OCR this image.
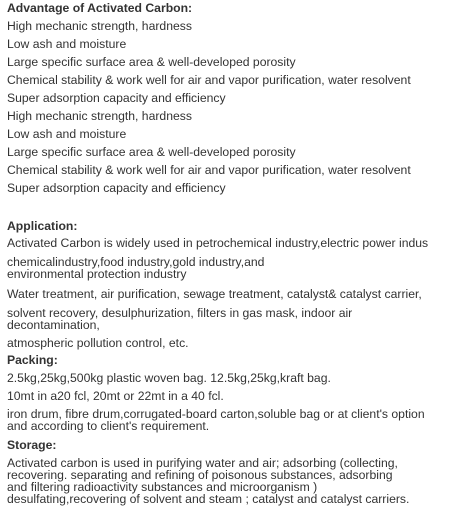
Advantage of Activated Carbon:
High mechanic strength, hardness
Low ash and moisture
Large specific surface area & well-developed porosity
Chemical stability & work well for air and vapor purification, water resolvent
Super adsorption capacity and efficiency
High mechanic strength, hardness
Low ash and moisture
Large specific surface area & well-developed porosity
Chemical stability & work well for air and vapor purification, water resolvent
Super adsorption capacity and efficiency
Application:
Activated Carbon is widely used in petrochemical industry,electric power indus
chemicalindustry,food industry,gold industry,and
environmental protection industry
Water treatment, air purification, sewage treatment, catalyst& catalyst carrier,
solvent recovery, desulphurization, filters in gas mask, indoor air
decontamination,
atmospheric pollution control, etc.
Packing:
2.5kg,25kg,500kg plastic woven bag. 12.5kg,25kg,kraft bag.
10mt in a20 fcl, 20mt or 22mt in a 40 fcl.
iron drum, fibre drum,corrugated-board carton,soluble bag or at client's option
and according to client's requirement.
Storage:
Activated carbon is used in purifying water and air; adsorbing (collecting,
recovering. separating and refining of poisonous substances, adsorbing
and filtering radioactivity substances and microorganism )
desulfating,recovering of solvent and steam ; catalyst and catalyst carriers.
